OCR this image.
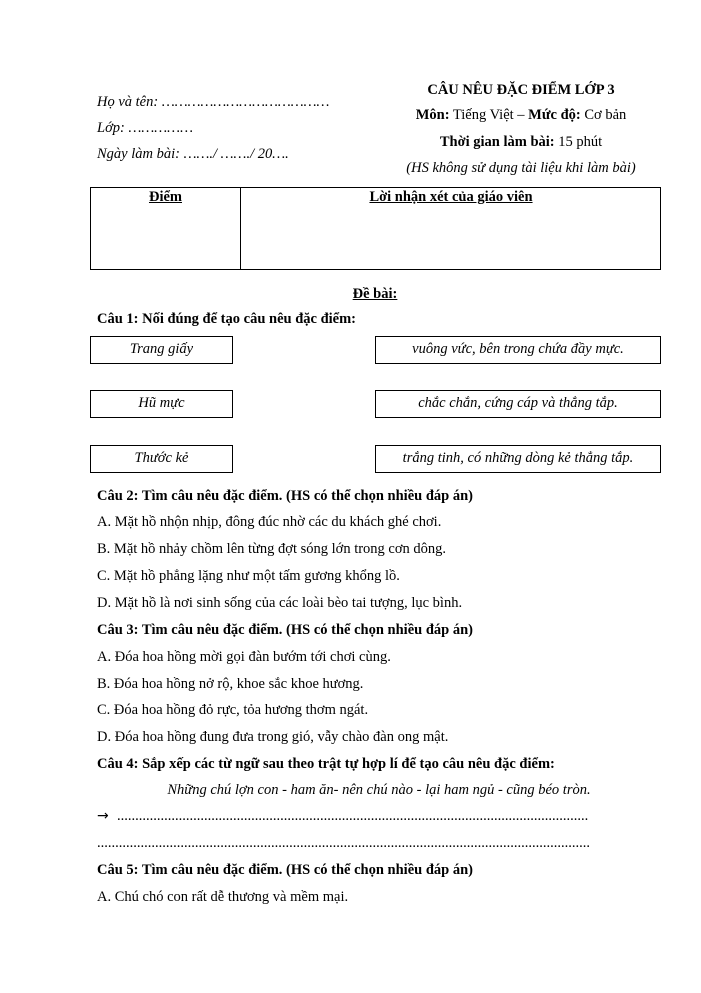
Họ và tên: …………………………………
Lớp: ……………
Ngày làm bài: ……./ ……./ 20….
CÂU NÊU ĐẶC ĐIỂM LỚP 3
Môn: Tiếng Việt – Mức độ: Cơ bản
Thời gian làm bài: 15 phút
(HS không sử dụng tài liệu khi làm bài)
Điểm	Lời nhận xét của giáo viên
Đề bài:
Câu 1: Nối đúng để tạo câu nêu đặc điểm:
Trang giấy
Hũ mực
Thước kẻ
vuông vức, bên trong chứa đầy mực.
chắc chắn, cứng cáp và thẳng tắp.
trắng tinh, có những dòng kẻ thẳng tắp.
Câu 2: Tìm câu nêu đặc điểm. (HS có thể chọn nhiều đáp án)
A. Mặt hồ nhộn nhịp, đông đúc nhờ các du khách ghé chơi.
B. Mặt hồ nhảy chồm lên từng đợt sóng lớn trong cơn dông.
C. Mặt hồ phẳng lặng như một tấm gương khổng lồ.
D. Mặt hồ là nơi sinh sống của các loài bèo tai tượng, lục bình.
Câu 3: Tìm câu nêu đặc điểm. (HS có thể chọn nhiều đáp án)
A. Đóa hoa hồng mời gọi đàn bướm tới chơi cùng.
B. Đóa hoa hồng nở rộ, khoe sắc khoe hương.
C. Đóa hoa hồng đỏ rực, tỏa hương thơm ngát.
D. Đóa hoa hồng đung đưa trong gió, vẫy chào đàn ong mật.
Câu 4: Sắp xếp các từ ngữ sau theo trật tự hợp lí để tạo câu nêu đặc điểm:
Những chú lợn con - ham ăn- nên chú nào - lại ham ngủ - cũng béo tròn.
→ ..................................................................................................................................
........................................................................................................................................
Câu 5: Tìm câu nêu đặc điểm. (HS có thể chọn nhiều đáp án)
A. Chú chó con rất dễ thương và mềm mại.
